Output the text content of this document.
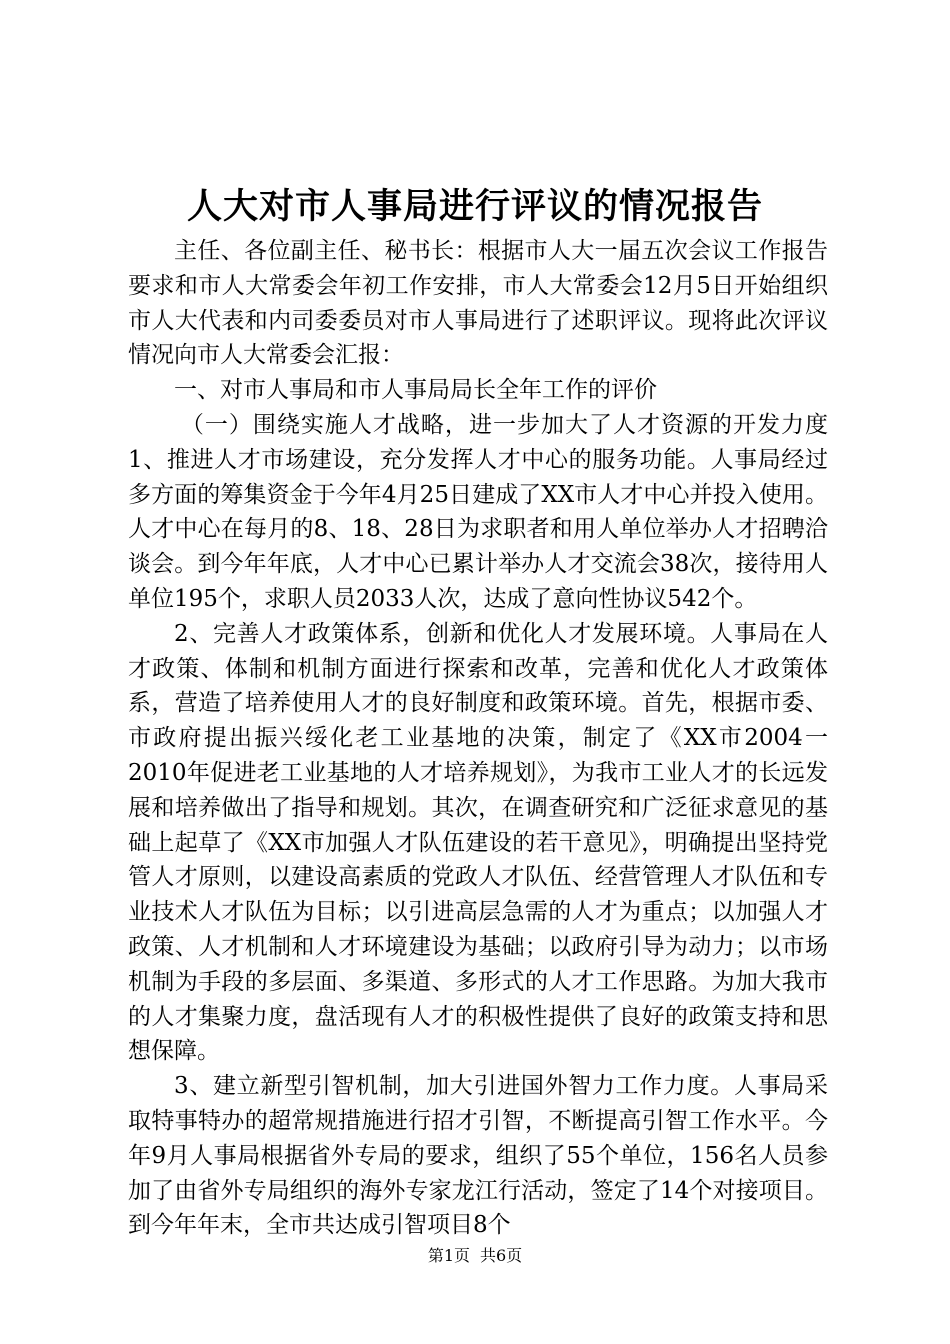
人大对市人事局进行评议的情况报告

主任、各位副主任、秘书长：根据市人大一届五次会议工作报告要求和市人大常委会年初工作安排，市人大常委会12月5日开始组织市人大代表和内司委委员对市人事局进行了述职评议。现将此次评议情况向市人大常委会汇报：

一、对市人事局和市人事局局长全年工作的评价

（一）围绕实施人才战略，进一步加大了人才资源的开发力度1、推进人才市场建设，充分发挥人才中心的服务功能。人事局经过多方面的筹集资金于今年4月25日建成了XX市人才中心并投入使用。人才中心在每月的8、18、28日为求职者和用人单位举办人才招聘洽谈会。到今年年底，人才中心已累计举办人才交流会38次，接待用人单位195个，求职人员2033人次，达成了意向性协议542个。

2、完善人才政策体系，创新和优化人才发展环境。人事局在人才政策、体制和机制方面进行探索和改革，完善和优化人才政策体系，营造了培养使用人才的良好制度和政策环境。首先，根据市委、市政府提出振兴绥化老工业基地的决策，制定了《XX市2004一2010年促进老工业基地的人才培养规划》，为我市工业人才的长远发展和培养做出了指导和规划。其次，在调查研究和广泛征求意见的基础上起草了《XX市加强人才队伍建设的若干意见》，明确提出坚持党管人才原则，以建设高素质的党政人才队伍、经营管理人才队伍和专业技术人才队伍为目标；以引进高层急需的人才为重点；以加强人才政策、人才机制和人才环境建设为基础；以政府引导为动力；以市场机制为手段的多层面、多渠道、多形式的人才工作思路。为加大我市的人才集聚力度，盘活现有人才的积极性提供了良好的政策支持和思想保障。

3、建立新型引智机制，加大引进国外智力工作力度。人事局采取特事特办的超常规措施进行招才引智，不断提高引智工作水平。今年9月人事局根据省外专局的要求，组织了55个单位，156名人员参加了由省外专局组织的海外专家龙江行活动，签定了14个对接项目。到今年年末，全市共达成引智项目8个

第1页 共6页
